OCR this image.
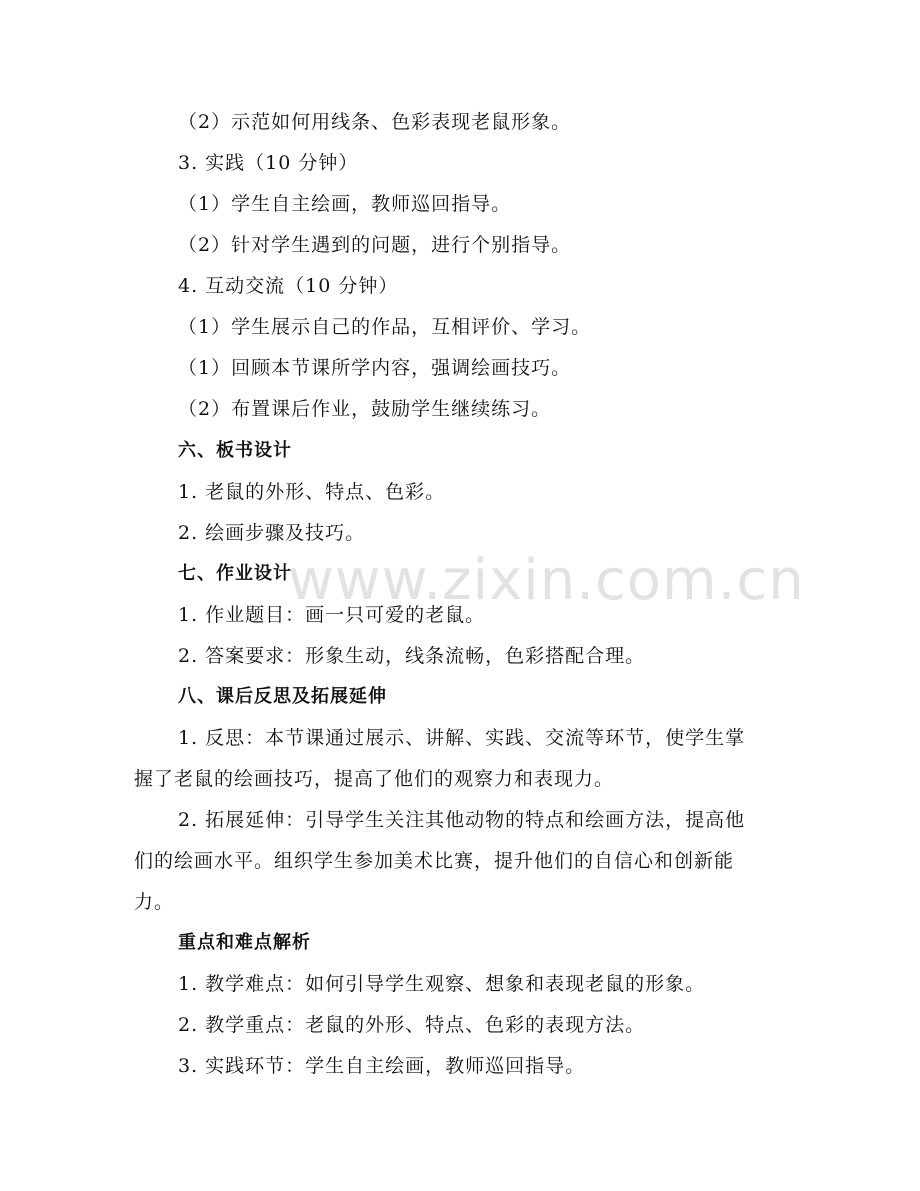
www.zixin.com.cn
（2）示范如何用线条、色彩表现老鼠形象。
3. 实践（10 分钟）
（1）学生自主绘画，教师巡回指导。
（2）针对学生遇到的问题，进行个别指导。
4. 互动交流（10 分钟）
（1）学生展示自己的作品，互相评价、学习。
（1）回顾本节课所学内容，强调绘画技巧。
（2）布置课后作业，鼓励学生继续练习。
六、板书设计
1. 老鼠的外形、特点、色彩。
2. 绘画步骤及技巧。
七、作业设计
1. 作业题目：画一只可爱的老鼠。
2. 答案要求：形象生动，线条流畅，色彩搭配合理。
八、课后反思及拓展延伸
1. 反思：本节课通过展示、讲解、实践、交流等环节，使学生掌
握了老鼠的绘画技巧，提高了他们的观察力和表现力。
2. 拓展延伸：引导学生关注其他动物的特点和绘画方法，提高他
们的绘画水平。组织学生参加美术比赛，提升他们的自信心和创新能
力。
重点和难点解析
1. 教学难点：如何引导学生观察、想象和表现老鼠的形象。
2. 教学重点：老鼠的外形、特点、色彩的表现方法。
3. 实践环节：学生自主绘画，教师巡回指导。
